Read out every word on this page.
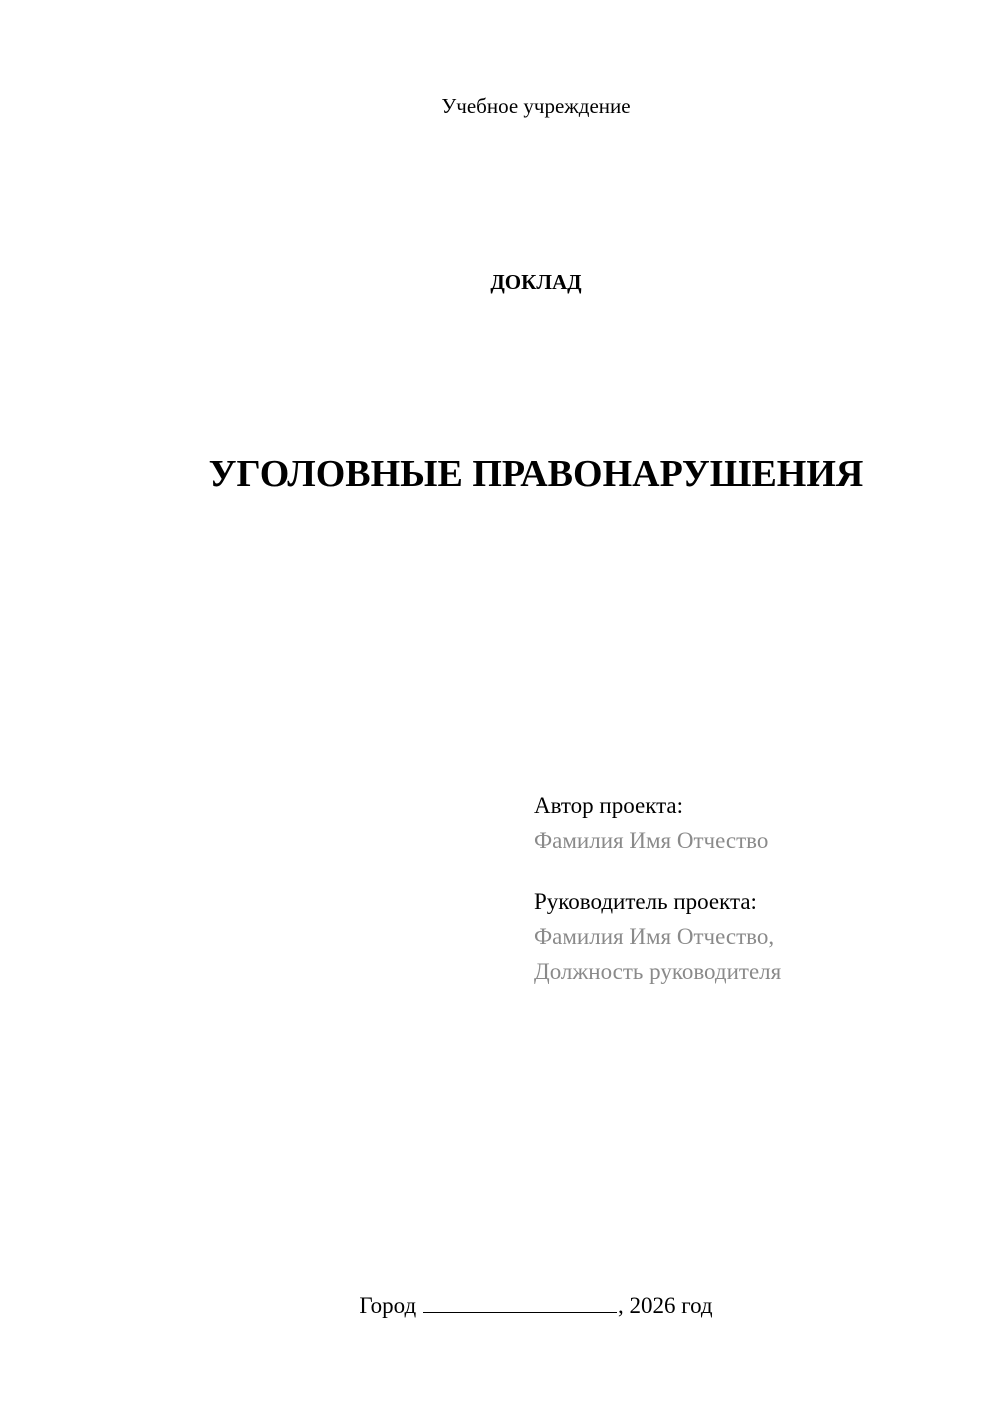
Учебное учреждение
ДОКЛАД
УГОЛОВНЫЕ ПРАВОНАРУШЕНИЯ
Автор проекта:
Фамилия Имя Отчество
Руководитель проекта:
Фамилия Имя Отчество,
Должность руководителя
Город	, 2026 год
